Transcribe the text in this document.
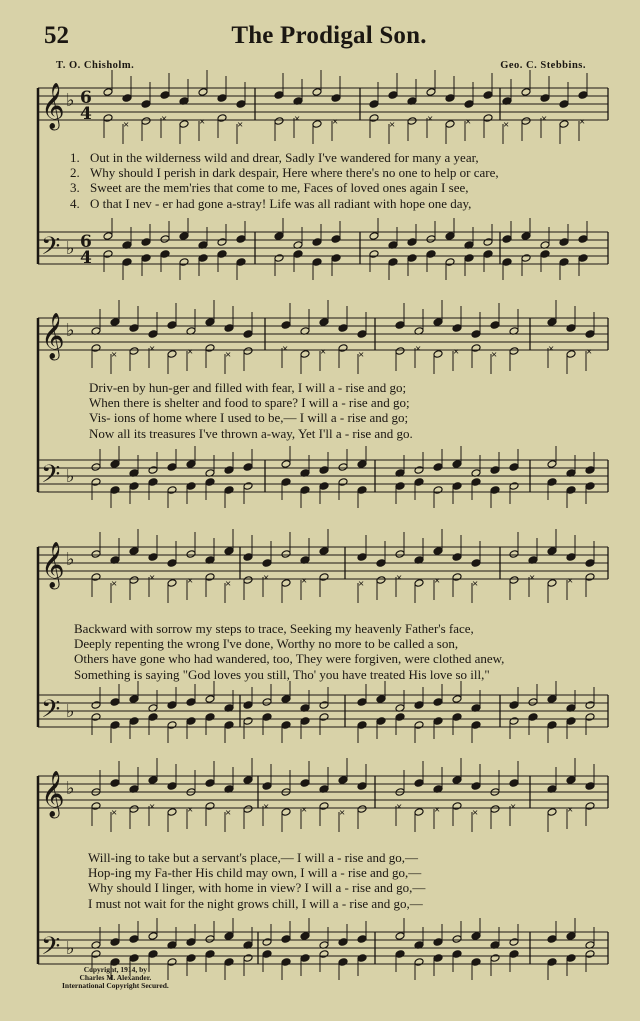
52	The Prodigal Son.
T. O. Chisholm.	Geo. C. Stebbins.
𝄞 ♭ 6
4
𝄢 ♭ 6
4
×	×	×	×	×	×	×	×	×	×	×	×
𝄞 ♭
𝄢 ♭
×	×	×	×	×	×	×	×	×	×	×	×
𝄞 ♭
𝄢 ♭
×	×	×	×	×	×	×	×	×	×	×	×
𝄞 ♭
𝄢 ♭
×	×	×	×	×	×	×	×	×	×	×	×
1. Out in the wilderness wild and drear, Sadly I've wandered for many a year,
2. Why should I perish in dark despair, Here where there's no one to help or care,
3. Sweet are the mem'ries that come to me, Faces of loved ones again I see,
4. O that I nev - er had gone a-stray! Life was all radiant with hope one day,
Driv-en by hun-ger and filled with fear, I will a - rise and go;
When there is shelter and food to spare? I will a - rise and go;
Vis- ions of home where I used to be,— I will a - rise and go;
Now all its treasures I've thrown a-way, Yet I'll a - rise and go.
Backward with sorrow my steps to trace, Seeking my heavenly Father's face,
Deeply repenting the wrong I've done, Worthy no more to be called a son,
Others have gone who had wandered, too, They were forgiven, were clothed anew,
Something is saying "God loves you still, Tho' you have treated His love so ill,"
Will-ing to take but a servant's place,— I will a - rise and go,—
Hop-ing my Fa-ther His child may own, I will a - rise and go,—
Why should I linger, with home in view? I will a - rise and go,—
I must not wait for the night grows chill, I will a - rise and go,—
Copyright, 1914, by
Charles M. Alexander.
International Copyright Secured.
